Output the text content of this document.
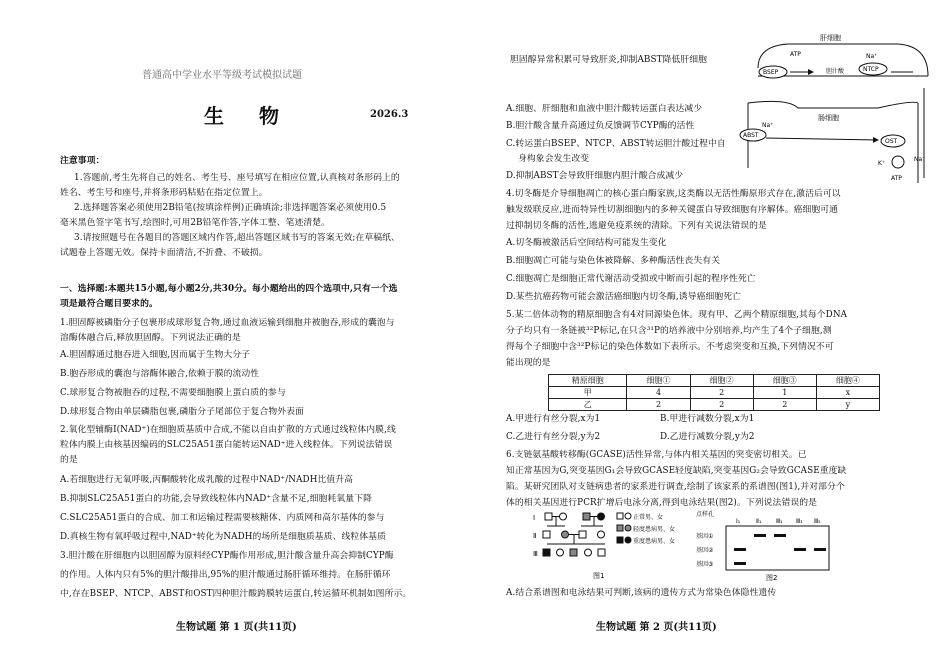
普通高中学业水平等级考试模拟试题
生 物	2026.3
注意事项：
1.答题前,考生先将自己的姓名、考生号、座号填写在相应位置,认真核对条形码上的
姓名、考生号和座号,并将条形码粘贴在指定位置上。
2.选择题答案必须使用2B铅笔(按填涂样例)正确填涂;非选择题答案必须使用0.5
毫米黑色签字笔书写,绘图时,可用2B铅笔作答,字体工整、笔迹清楚。
3.请按照题号在各题目的答题区域内作答,超出答题区域书写的答案无效;在草稿纸、
试题卷上答题无效。保持卡面清洁,不折叠、不破损。
一、选择题:本题共15小题,每小题2分,共30分。每小题给出的四个选项中,只有一个选
项是最符合题目要求的。
1.胆固醇被磷脂分子包裹形成球形复合物,通过血液运输到细胞并被胞吞,形成的囊泡与
溶酶体融合后,释放胆固醇。下列说法正确的是
A.胆固醇通过胞吞进入细胞,因而属于生物大分子
B.胞吞形成的囊泡与溶酶体融合,依赖于膜的流动性
C.球形复合物被胞吞的过程,不需要细胞膜上蛋白质的参与
D.球形复合物由单层磷脂包裹,磷脂分子尾部位于复合物外表面
2.氧化型辅酶Ⅰ(NAD⁺)在细胞质基质中合成,不能以自由扩散的方式通过线粒体内膜,线
粒体内膜上由核基因编码的SLC25A51蛋白能转运NAD⁺进入线粒体。下列说法错误
的是
A.若细胞进行无氧呼吸,丙酮酸转化成乳酸的过程中NAD⁺/NADH比值升高
B.抑制SLC25A51蛋白的功能,会导致线粒体内NAD⁺含量不足,细胞耗氧量下降
C.SLC25A51蛋白的合成、加工和运输过程需要核糖体、内质网和高尔基体的参与
D.真核生物有氧呼吸过程中,NAD⁺转化为NADH的场所是细胞质基质、线粒体基质
3.胆汁酸在肝细胞内以胆固醇为原料经CYP酶作用形成,胆汁酸含量升高会抑制CYP酶
的作用。人体内只有5%的胆汁酸排出,95%的胆汁酸通过肠肝循环维持。在肠肝循环
中,存在BSEP、NTCP、ABST和OST四种胆汁酸跨膜转运蛋白,转运循环机制如图所示。
生物试题 第 1 页(共11页)
胆固醇异常积累可导致肝炎,抑制ABST降低肝细胞
A.细胞、肝细胞和血液中胆汁酸转运蛋白表达减少
B.胆汁酸含量升高通过负反馈调节CYP酶的活性
C.转运蛋白BSEP、NTCP、ABST转运胆汁酸过程中自
身构象会发生改变
D.抑制ABST会导致肝细胞内胆汁酸合成减少
肝细胞
ATP
BSEP	NTCP
Na⁺
胆汁酸
肠细胞
ABST
Na⁺
OST
Na⁺
K⁺
ATP
4.切冬酶是介导细胞凋亡的核心蛋白酶家族,这类酶以无活性酶原形式存在,激活后可以
触发级联反应,进而特异性切割细胞内的多种关键蛋白导致细胞有序解体。癌细胞可通
过抑制切冬酶的活性,逃避免疫系统的清除。下列有关说法错误的是
A.切冬酶被激活后空间结构可能发生变化
B.细胞凋亡可能与染色体被降解、多种酶活性丧失有关
C.细胞凋亡是细胞正常代谢活动受损或中断而引起的程序性死亡
D.某些抗癌药物可能会激活癌细胞内切冬酶,诱导癌细胞死亡
5.某二倍体动物的精原细胞含有4对同源染色体。现有甲、乙两个精原细胞,其每个DNA
分子均只有一条链被³²P标记,在只含³¹P的培养液中分别培养,均产生了4个子细胞,测
得每个子细胞中含³²P标记的染色体数如下表所示。不考虑突变和互换,下列情况不可
能出现的是
精原细胞	细胞①	细胞②	细胞③	细胞④
甲	4	2	1	x
乙	2	2	2	y
A.甲进行有丝分裂,x为1	B.甲进行减数分裂,x为1
C.乙进行有丝分裂,y为2	D.乙进行减数分裂,y为2
6.支链氨基酸转移酶(GCASE)活性异常,与体内相关基因的突变密切相关。已
知正常基因为G,突变基因G₁会导致GCASE轻度缺陷,突变基因G₂会导致GCASE重度缺
陷。某研究团队对支链病患者的家系进行调查,绘制了该家系的系谱图(图1),并对部分个
体的相关基因进行PCR扩增后电泳分离,得到电泳结果(图2)。下列说法错误的是
Ⅰ
Ⅱ
Ⅲ
正常男、女
轻度患病男、女
重度患病男、女
图1
点样孔
Ⅰ₁	Ⅱ₁ Ⅲ₁ Ⅲ₃ Ⅲ₅
基因①
基因②
基因③
图2
A.结合系谱图和电泳结果可判断,该病的遗传方式为常染色体隐性遗传
生物试题 第 2 页(共11页)
